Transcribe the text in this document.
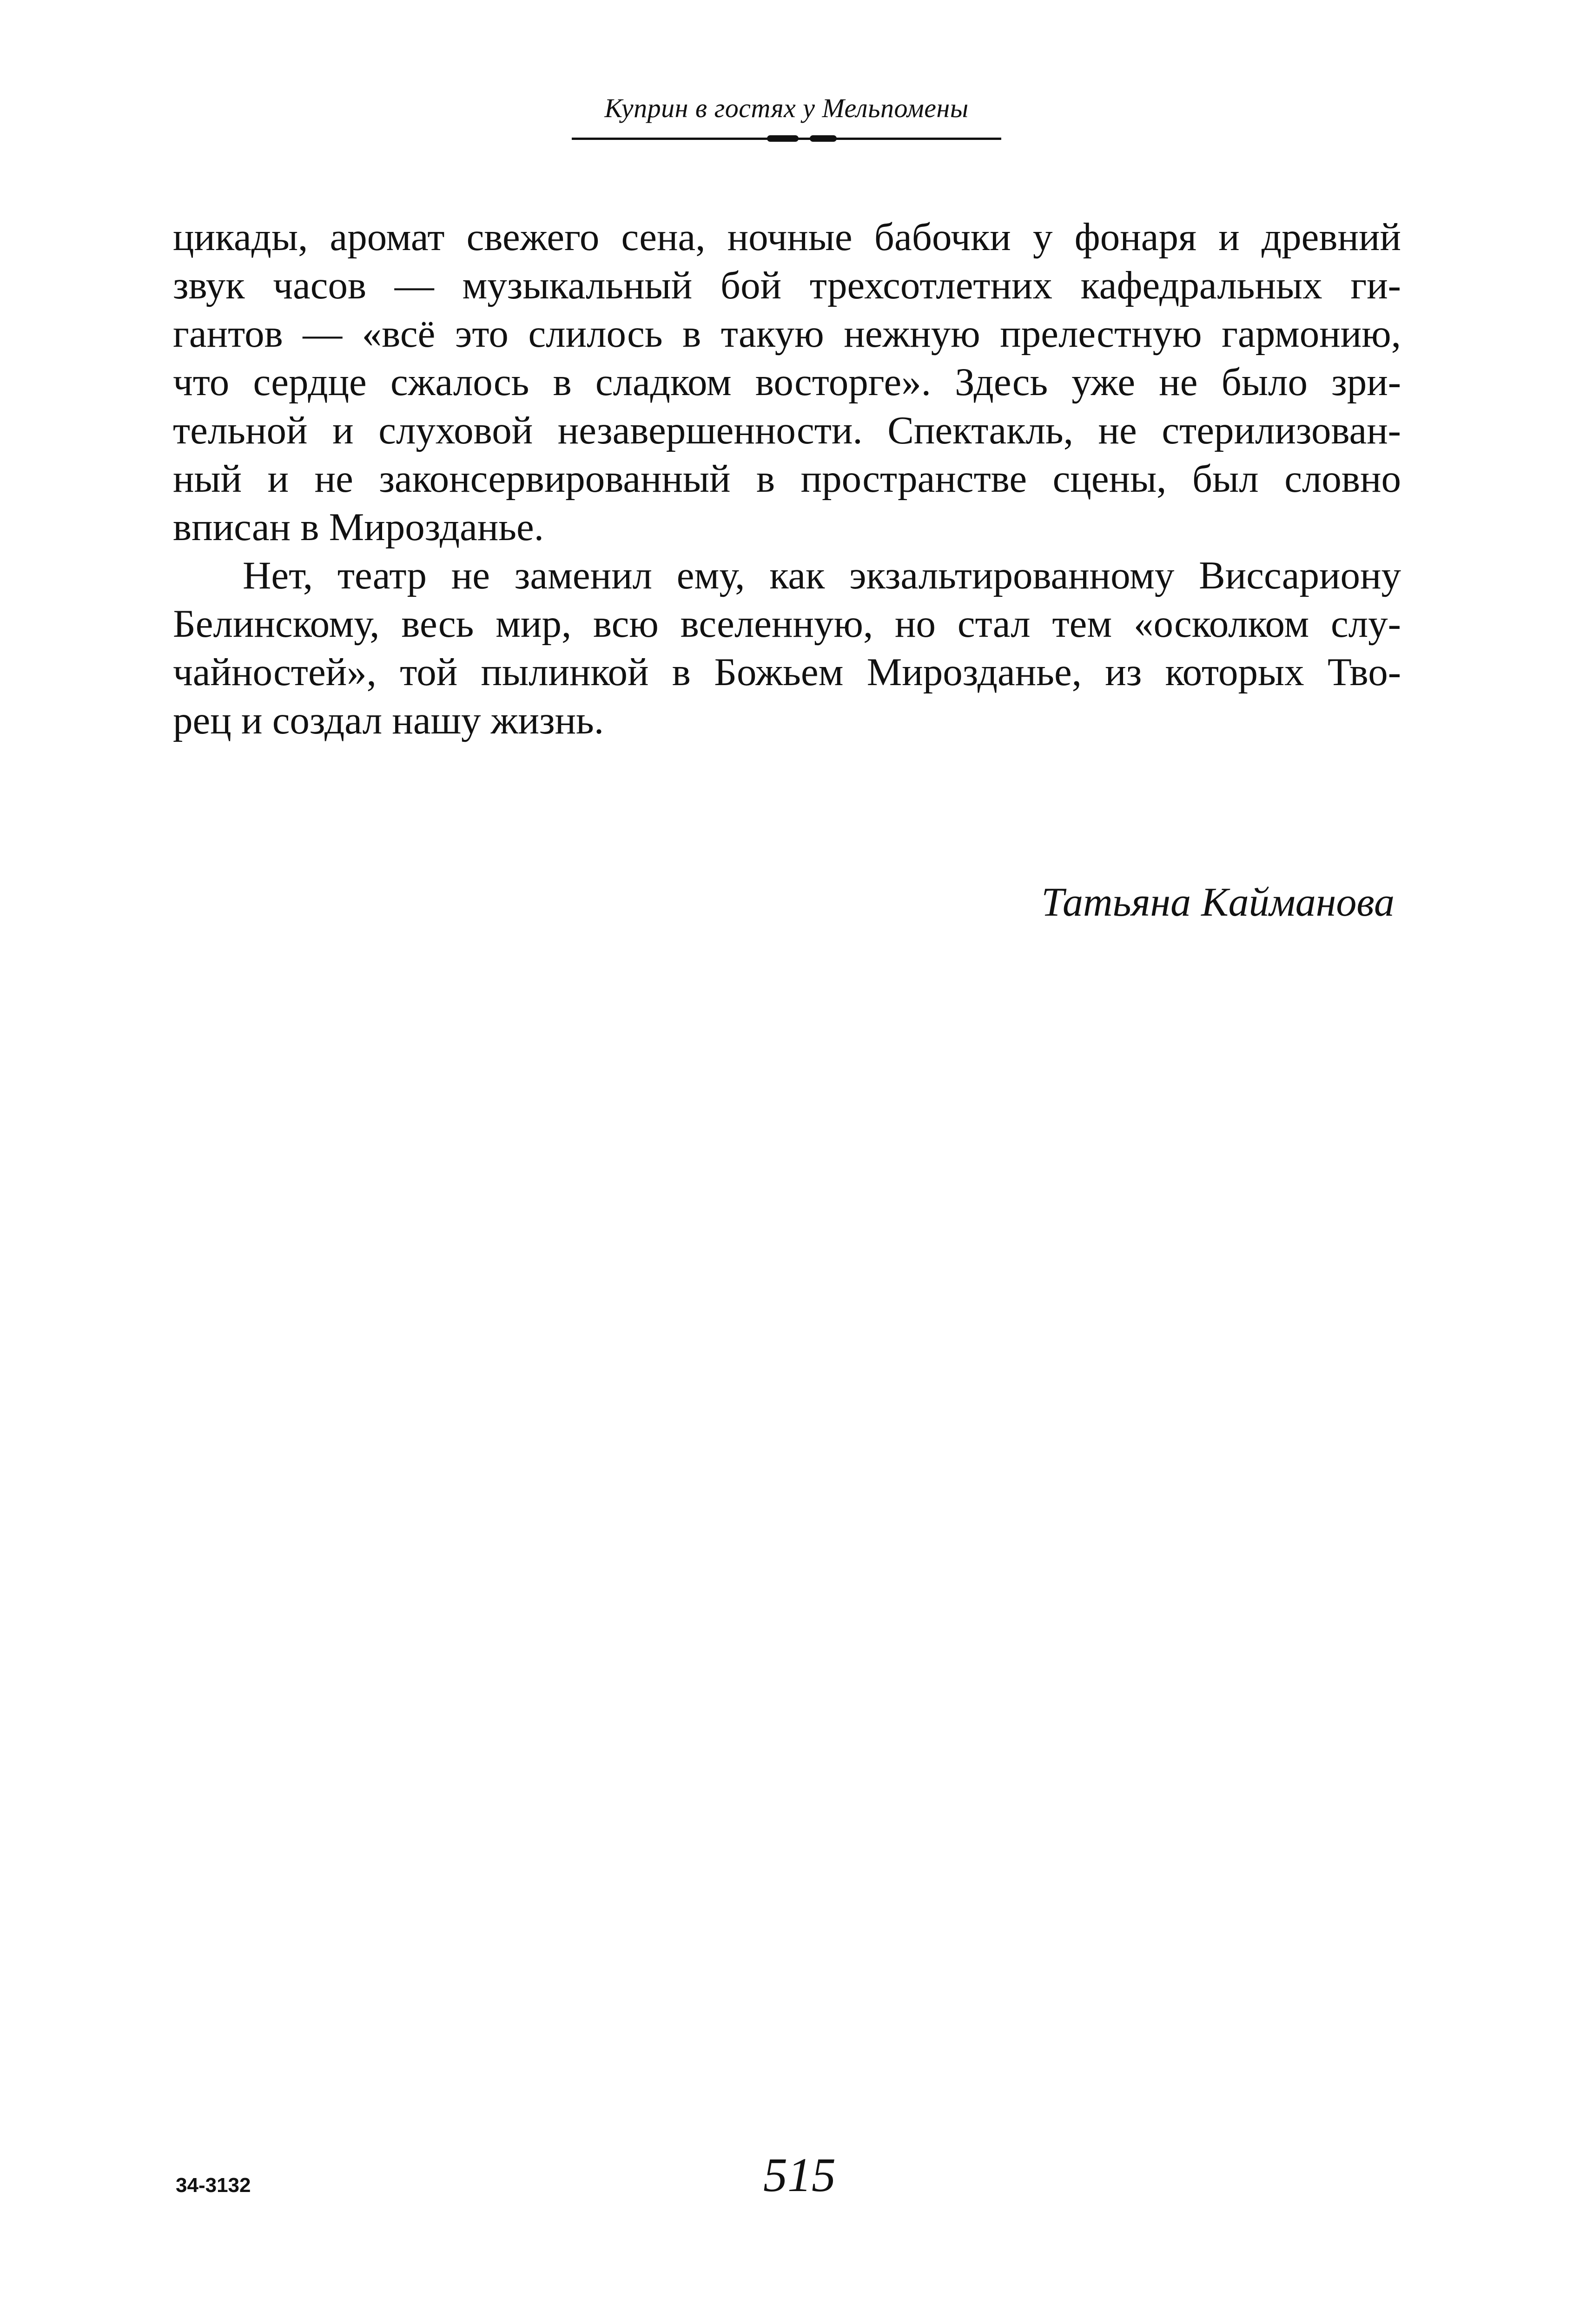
Куприн в гостях у Мельпомены
цикады, аромат свежего сена, ночные бабочки у фонаря и древний
звук часов — музыкальный бой трехсотлетних кафедральных ги-
гантов — «всё это слилось в такую нежную прелестную гармонию,
что сердце сжалось в сладком восторге». Здесь уже не было зри-
тельной и слуховой незавершенности. Спектакль, не стерилизован-
ный и не законсервированный в пространстве сцены, был словно
вписан в Мирозданье.
Нет, театр не заменил ему, как экзальтированному Виссариону
Белинскому, весь мир, всю вселенную, но стал тем «осколком слу-
чайностей», той пылинкой в Божьем Мирозданье, из которых Тво-
рец и создал нашу жизнь.
Татьяна Кайманова
515
34-3132
